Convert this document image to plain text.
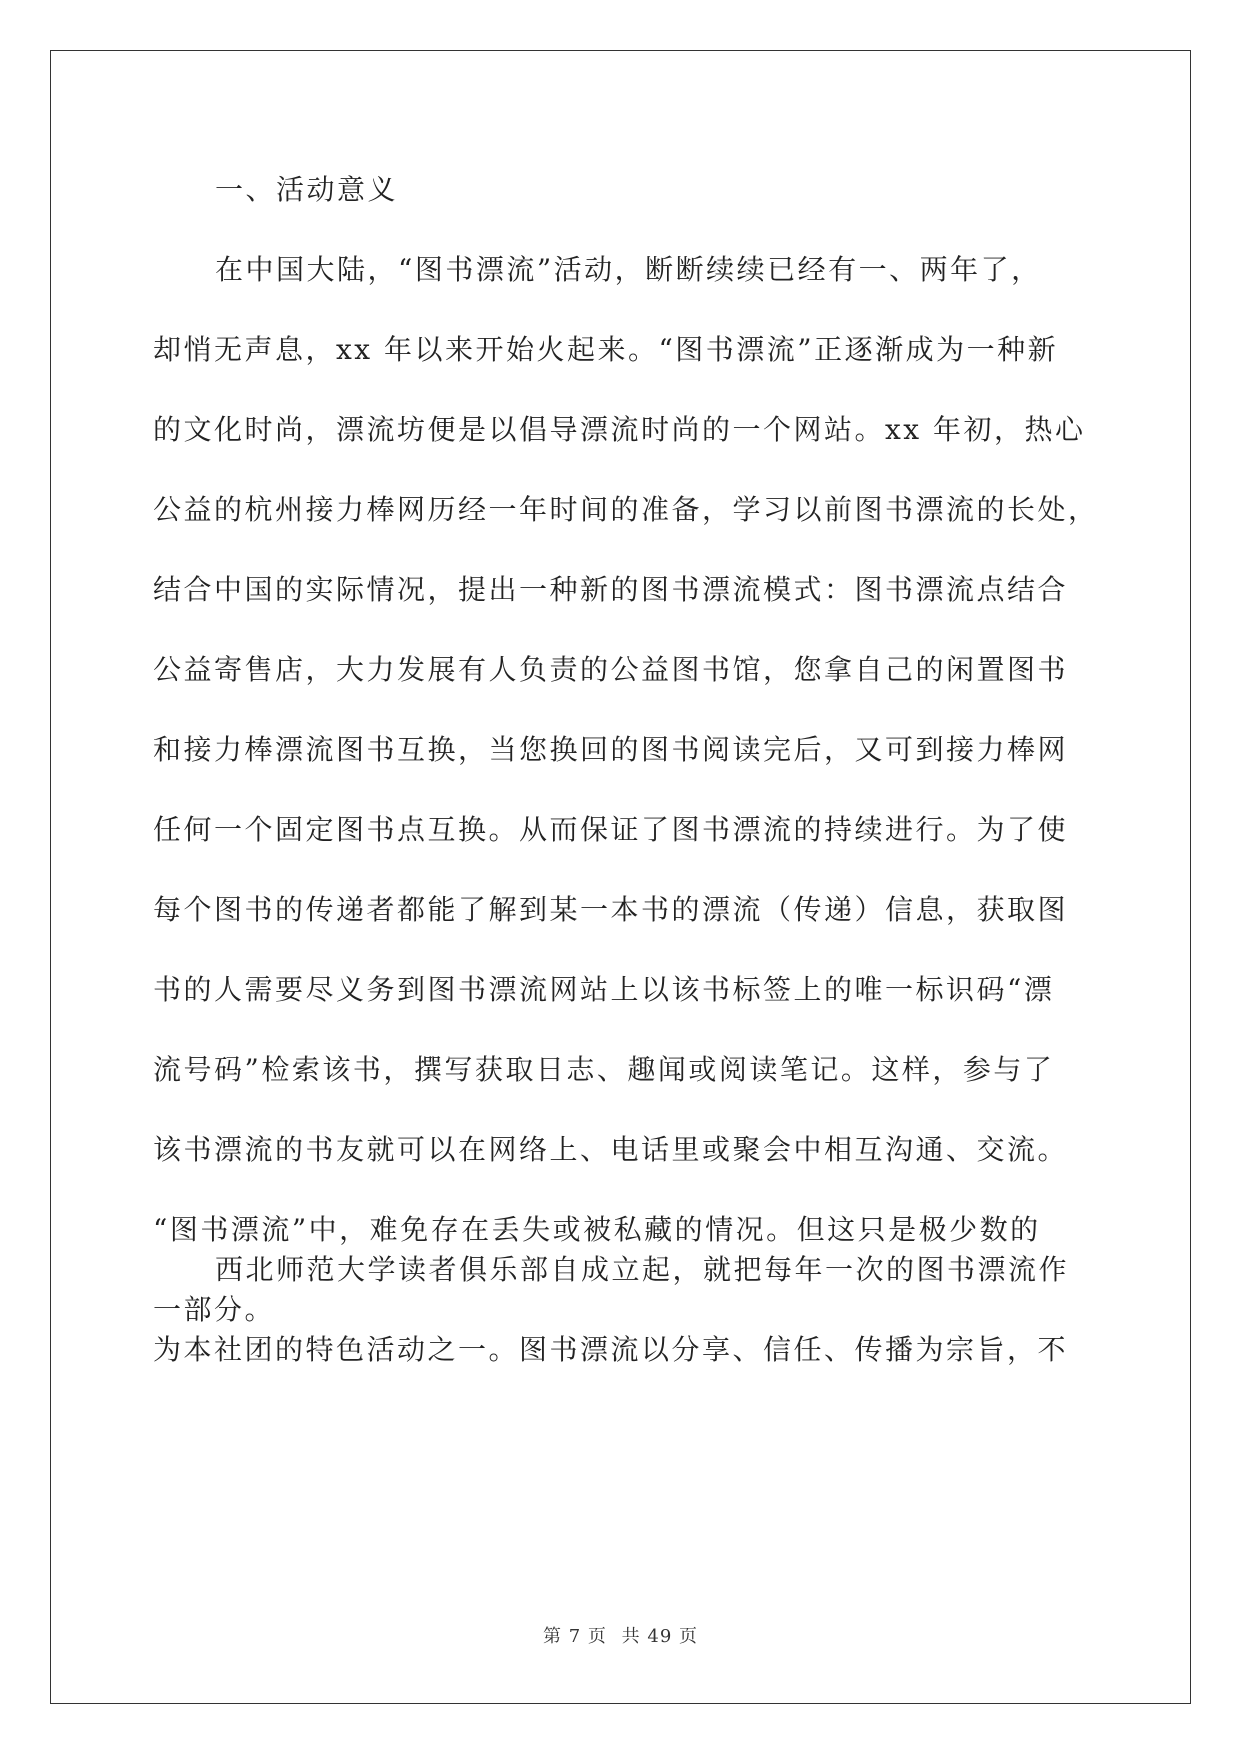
一、活动意义

在中国大陆，“图书漂流”活动，断断续续已经有一、两年了，
却悄无声息，xx 年以来开始火起来。“图书漂流”正逐渐成为一种新
的文化时尚，漂流坊便是以倡导漂流时尚的一个网站。xx 年初，热心
公益的杭州接力棒网历经一年时间的准备，学习以前图书漂流的长处，
结合中国的实际情况，提出一种新的图书漂流模式：图书漂流点结合
公益寄售店，大力发展有人负责的公益图书馆，您拿自己的闲置图书
和接力棒漂流图书互换，当您换回的图书阅读完后，又可到接力棒网
任何一个固定图书点互换。从而保证了图书漂流的持续进行。为了使
每个图书的传递者都能了解到某一本书的漂流（传递）信息，获取图
书的人需要尽义务到图书漂流网站上以该书标签上的唯一标识码“漂
流号码”检索该书，撰写获取日志、趣闻或阅读笔记。这样，参与了
该书漂流的书友就可以在网络上、电话里或聚会中相互沟通、交流。
“图书漂流”中，难免存在丢失或被私藏的情况。但这只是极少数的
一部分。
西北师范大学读者俱乐部自成立起，就把每年一次的图书漂流作
为本社团的特色活动之一。图书漂流以分享、信任、传播为宗旨，不
第 7 页 共 49 页
